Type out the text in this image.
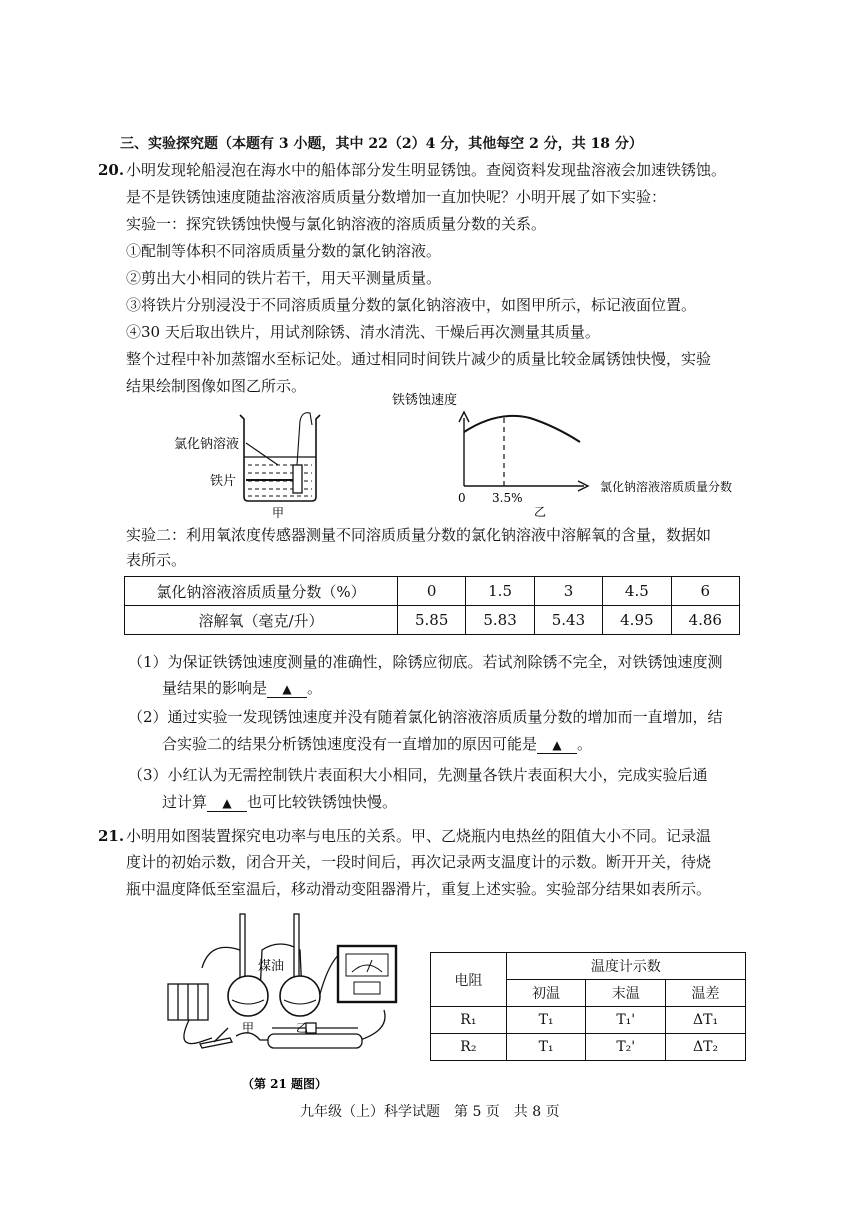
三、实验探究题（本题有 3 小题，其中 22（2）4 分，其他每空 2 分，共 18 分）
20. 小明发现轮船浸泡在海水中的船体部分发生明显锈蚀。查阅资料发现盐溶液会加速铁锈蚀。
是不是铁锈蚀速度随盐溶液溶质质量分数增加一直加快呢？小明开展了如下实验：
实验一：探究铁锈蚀快慢与氯化钠溶液的溶质质量分数的关系。
①配制等体积不同溶质质量分数的氯化钠溶液。
②剪出大小相同的铁片若干，用天平测量质量。
③将铁片分别浸没于不同溶质质量分数的氯化钠溶液中，如图甲所示，标记液面位置。
④30 天后取出铁片，用试剂除锈、清水清洗、干燥后再次测量其质量。
整个过程中补加蒸馏水至标记处。通过相同时间铁片减少的质量比较金属锈蚀快慢，实验
结果绘制图像如图乙所示。
氯化钠溶液
铁片
甲
铁锈蚀速度
0 3.5%
乙
氯化钠溶液溶质质量分数
实验二：利用氧浓度传感器测量不同溶质质量分数的氯化钠溶液中溶解氧的含量，数据如
表所示。
氯化钠溶液溶质质量分数（%）	0	1.5	3	4.5	6
溶解氧（毫克/升）	5.85	5.83	5.43	4.95	4.86
（1）为保证铁锈蚀速度测量的准确性，除锈应彻底。若试剂除锈不完全，对铁锈蚀速度测
量结果的影响是 ▲ 。
（2）通过实验一发现锈蚀速度并没有随着氯化钠溶液溶质质量分数的增加而一直增加，结
合实验二的结果分析锈蚀速度没有一直增加的原因可能是 ▲ 。
（3）小红认为无需控制铁片表面积大小相同，先测量各铁片表面积大小，完成实验后通
过计算 ▲ 也可比较铁锈蚀快慢。
21. 小明用如图装置探究电功率与电压的关系。甲、乙烧瓶内电热丝的阻值大小不同。记录温
度计的初始示数，闭合开关，一段时间后，再次记录两支温度计的示数。断开开关，待烧
瓶中温度降低至室温后，移动滑动变阻器滑片，重复上述实验。实验部分结果如表所示。
煤油
甲	乙
（第 21 题图）
电阻	温度计示数		
	初温	末温	温差
R₁	T₁	T₁'	ΔT₁
R₂	T₁	T₂'	ΔT₂
九年级（上）科学试题　第 5 页　共 8 页
